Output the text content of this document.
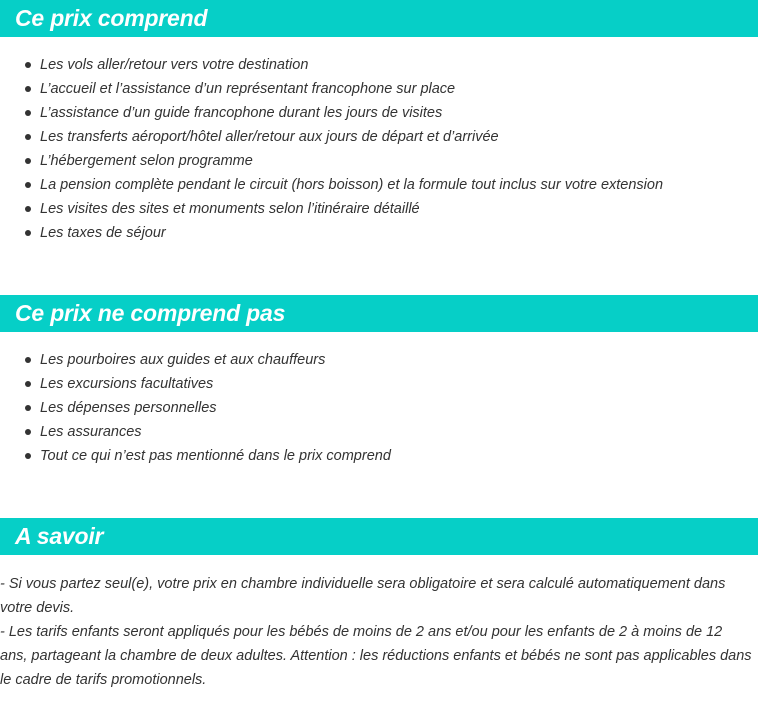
Ce prix comprend
Les vols aller/retour vers votre destination
L’accueil et l’assistance d’un représentant francophone sur place
L’assistance d’un guide francophone durant les jours de visites
Les transferts aéroport/hôtel aller/retour aux jours de départ et d’arrivée
L’hébergement selon programme
La pension complète pendant le circuit (hors boisson) et la formule tout inclus sur votre extension
Les visites des sites et monuments selon l’itinéraire détaillé
Les taxes de séjour
Ce prix ne comprend pas
Les pourboires aux guides et aux chauffeurs
Les excursions facultatives
Les dépenses personnelles
Les assurances
Tout ce qui n’est pas mentionné dans le prix comprend
A savoir

- Si vous partez seul(e), votre prix en chambre individuelle sera obligatoire et sera calculé automatiquement dans votre devis.

- Les tarifs enfants seront appliqués pour les bébés de moins de 2 ans et/ou pour les enfants de 2 à moins de 12 ans, partageant la chambre de deux adultes. Attention : les réductions enfants et bébés ne sont pas applicables dans le cadre de tarifs promotionnels.
